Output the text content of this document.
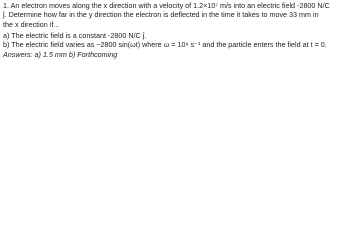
1. An electron moves along the x direction with a velocity of 1.2×10⁷ m/s into an electric field -2800 N/C
ĵ. Determine how far in the y direction the electron is deflected in the time it takes to move 33 mm in
the x direction if...
a) The electric field is a constant -2800 N/C ĵ.
b) The electric field varies as −2800 sin(ωt) where ω = 10⁹ s⁻¹ and the particle enters the field at t = 0.
Answers: a) 1.5 mm b) Forthcoming
